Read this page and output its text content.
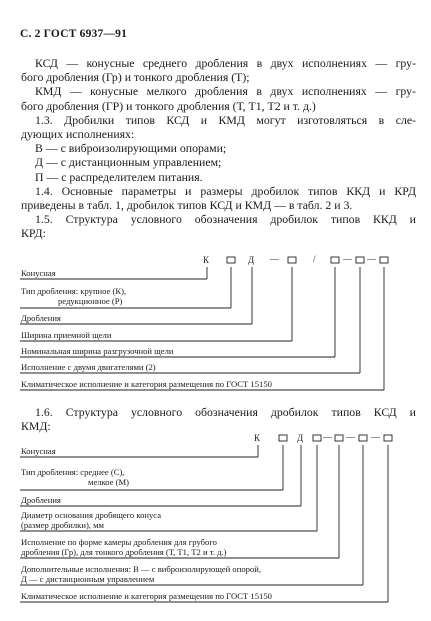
С. 2 ГОСТ 6937—91

КСД — конусные среднего дробления в двух исполнениях — гру-

бого дробления (Гр) и тонкого дробления (Т);

КМД — конусные мелкого дробления в двух исполнениях — гру-

бого дробления (ГР) и тонкого дробления (Т, Т1, Т2 и т. д.)

1.3. Дробилки типов КСД и КМД могут изготовляться в сле-

дующих исполнениях:

В — с виброизолирующими опорами;

Д — с дистанционным управлением;

П — с распределителем питания.

1.4. Основные параметры и размеры дробилок типов ККД и КРД

приведены в табл. 1, дробилок типов КСД и КМД — в табл. 2 и 3.

1.5. Структура условного обозначения дробилок типов ККД и

КРД:

К	Д —	/	— —
Конусная
Тип дробления: крупное (К),
редукционное (Р)
Дробления
Ширина приемной щели
Номинальная ширина разгрузочной щели
Исполнение с двумя двигателями (2)
Климатическое исполнение и категория размещения по ГОСТ 15150

1.6. Структура условного обозначения дробилок типов КСД и

КМД:

К	Д — — —
Конусная
Тип дробления: среднее (С),
мелкое (М)
Дробления
Диаметр основания дробящего конуса
(размер дробилки), мм
Исполнение по форме камеры дробления для грубого
дробления (Гр), для тонкого дробления (Т, Т1, Т2 и т. д.)
Дополнительные исполнения: В — с виброизолирующей опорой,
Д — с дистанционным управлением
Климатическое исполнение и категория размещения по ГОСТ 15150
